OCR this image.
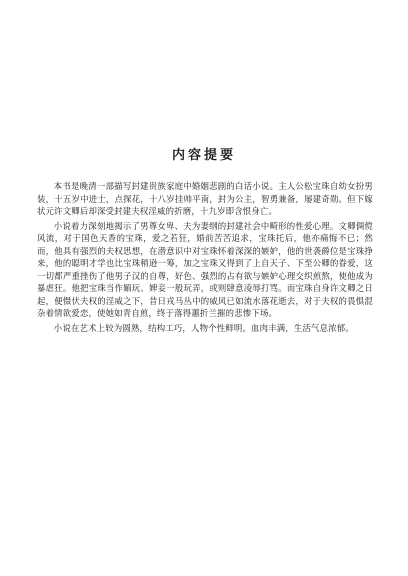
内容提要

本书是晚清一部描写封建贵族家庭中婚姻悲剧的白话小说。主人公松宝珠自幼女扮男装，十五岁中进士，点探花，十八岁挂帅平南，封为公主，智勇兼备，屡建奇勋。但下嫁状元许文卿后却深受封建夫权淫威的折磨，十九岁即含恨身亡。

小说着力深刻地揭示了男尊女卑、夫为妻纲的封建社会中畸形的性爱心理。文卿倜傥风流，对于国色天香的宝珠，爱之若狂，婚前苦苦追求，宝珠托后，他亦痛悔不已；然而，他具有强烈的夫权思想，在潜意识中对宝珠怀着深深的嫉妒，他的世袭爵位是宝珠挣来，他的聪明才学也比宝珠稍逊一筹，加之宝珠又得到了上自天子、下至公卿的眷爱，这一切都严重挫伤了他男子汉的自尊，好色、强烈的占有欲与嫉妒心理交织煎熬，使他成为暴虐狂。他把宝珠当作媚玩、婢妾一般玩弄，或则肆意凌辱打骂。而宝珠自身许文卿之日起，便慑伏夫权的淫威之下，昔日戎马丛中的威风已如流水落花逝去，对于夫权的畏惧混杂着情欲爱恋，使她如青自煎，终于落得蕙折兰摧的悲惨下场。

小说在艺术上较为圆熟，结构工巧，人物个性鲜明，血肉丰满，生活气息浓郁。
